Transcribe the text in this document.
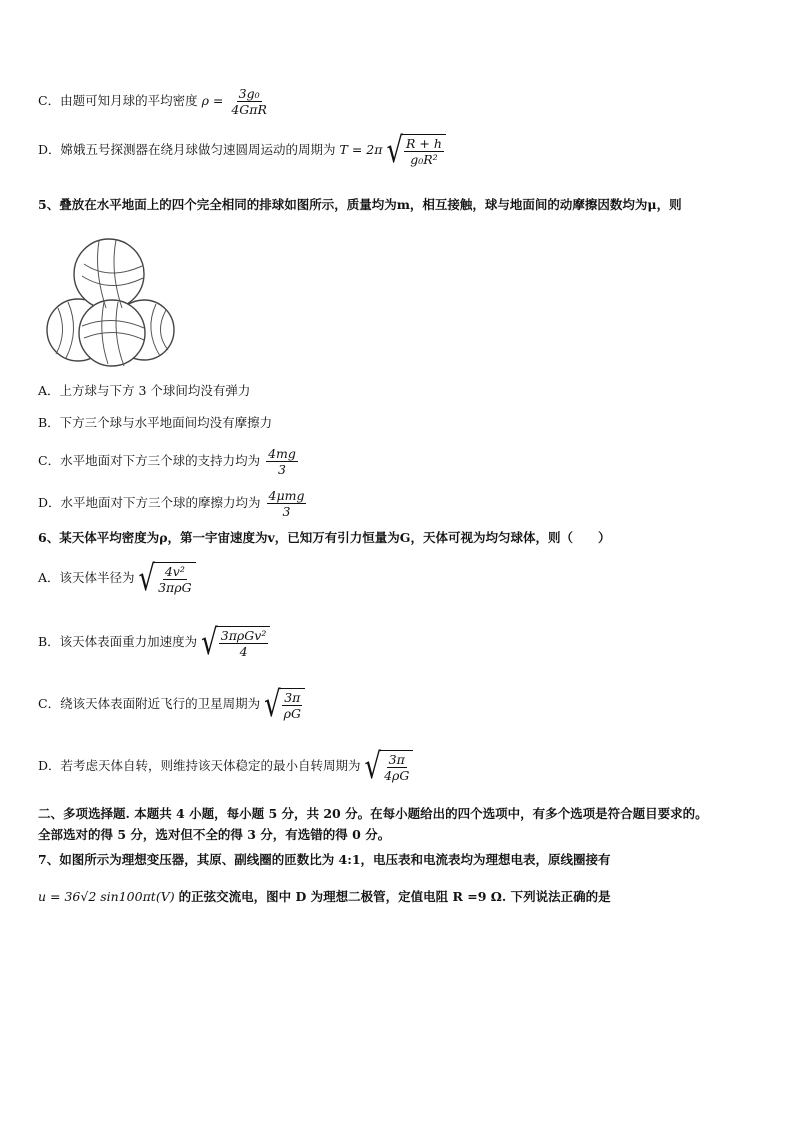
C．由题可知月球的平均密度 $\rho = \frac{\text{3g₀}}{\text{4GπR}}$
D．嫦娥五号探测器在绕月球做匀速圆周运动的周期为 T = 2π √ $\frac{R + h}{\text{g₀R²}}$
5、叠放在水平地面上的四个完全相同的排球如图所示，质量均为m，相互接触，球与地面间的动摩擦因数均为μ，则
A．上方球与下方 3 个球间均没有弹力
B．下方三个球与水平地面间均没有摩擦力
C．水平地面对下方三个球的支持力均为 $\frac{4mg}{3}$
D．水平地面对下方三个球的摩擦力均为 $\frac{\text{4μmg}}{3}$
6、某天体平均密度为ρ，第一宇宙速度为v，已知万有引力恒量为G，天体可视为均匀球体，则（　　）
A．该天体半径为 √ $\frac{\text{4v²}}{\text{3πρG}}$
B．该天体表面重力加速度为 √ $\frac{\text{3πρGv²}}{4}$
C．绕该天体表面附近飞行的卫星周期为 √ $\frac{3\pi}{\rho G}$
D．若考虑天体自转，则维持该天体稳定的最小自转周期为 √ $\frac{3\pi}{4\rho G}$
二、多项选择题. 本题共 4 小题，每小题 5 分，共 20 分。在每小题给出的四个选项中，有多个选项是符合题目要求的。
全部选对的得 5 分，选对但不全的得 3 分，有选错的得 0 分。
7、如图所示为理想变压器，其原、副线圈的匝数比为 4:1，电压表和电流表均为理想电表，原线圈接有
u = 36√2 sin100πt(V) 的正弦交流电，图中 D 为理想二极管，定值电阻 R =9 Ω. 下列说法正确的是
